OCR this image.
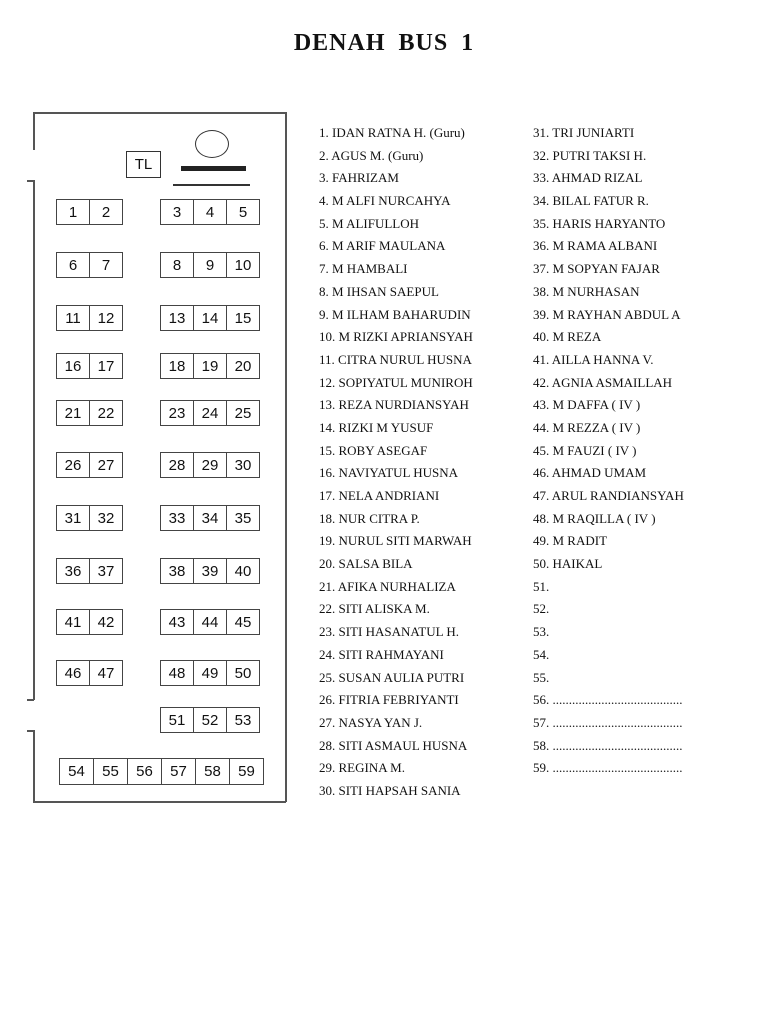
DENAH BUS 1
TL
1	2	3	4	5
6	7	8	9	10
11	12	13	14	15
16	17	18	19	20
21	22	23	24	25
26	27	28	29	30
31	32	33	34	35
36	37	38	39	40
41	42	43	44	45
46	47	48	49	50
51	52	53
54	55	56	57	58	59
1. IDAN RATNA H. (Guru)
2. AGUS M. (Guru)
3. FAHRIZAM
4. M ALFI NURCAHYA
5. M ALIFULLOH
6. M ARIF MAULANA
7. M HAMBALI
8. M IHSAN SAEPUL
9. M ILHAM BAHARUDIN
10. M RIZKI APRIANSYAH
11. CITRA NURUL HUSNA
12. SOPIYATUL MUNIROH
13. REZA NURDIANSYAH
14. RIZKI M YUSUF
15. ROBY ASEGAF
16. NAVIYATUL HUSNA
17. NELA ANDRIANI
18. NUR CITRA P.
19. NURUL SITI MARWAH
20. SALSA BILA
21. AFIKA NURHALIZA
22. SITI ALISKA M.
23. SITI HASANATUL H.
24. SITI RAHMAYANI
25. SUSAN AULIA PUTRI
26. FITRIA FEBRIYANTI
27. NASYA YAN J.
28. SITI ASMAUL HUSNA
29. REGINA M.
30. SITI HAPSAH SANIA
31. TRI JUNIARTI
32. PUTRI TAKSI H.
33. AHMAD RIZAL
34. BILAL FATUR R.
35. HARIS HARYANTO
36. M RAMA ALBANI
37. M SOPYAN FAJAR
38. M NURHASAN
39. M RAYHAN ABDUL A
40. M REZA
41. AILLA HANNA V.
42. AGNIA ASMAILLAH
43. M DAFFA ( IV )
44. M REZZA ( IV )
45. M FAUZI ( IV )
46. AHMAD UMAM
47. ARUL RANDIANSYAH
48. M RAQILLA ( IV )
49. M RADIT
50. HAIKAL
51.
52.
53.
54.
55.
56. ........................................
57. ........................................
58. ........................................
59. ........................................
